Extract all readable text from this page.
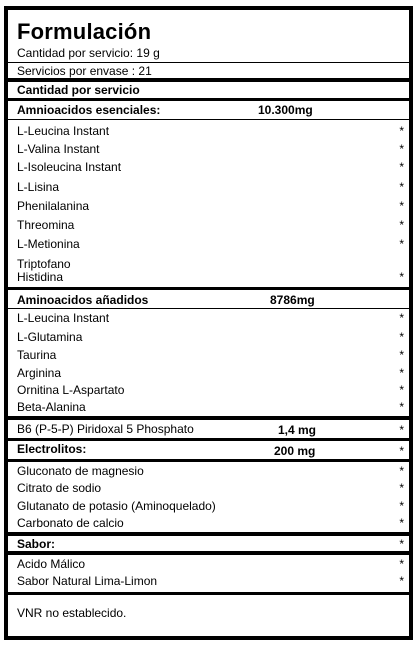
Formulación
Cantidad por servicio: 19 g
Servicios por envase : 21
Cantidad por servicio
Amnioacidos esenciales:	10.300mg
L-Leucina Instant	*
L-Valina Instant	*
L-Isoleucina Instant	*
L-Lisina	*
Phenilalanina	*
Threomina	*
L-Metionina	*
Triptofano
Histidina	*
Aminoacidos añadidos	8786mg
L-Leucina Instant	*
L-Glutamina	*
Taurina	*
Arginina	*
Ornitina L-Aspartato	*
Beta-Alanina	*
B6 (P-5-P) Piridoxal 5 Phosphato	1,4 mg	*
Electrolitos:	200 mg	*
Gluconato de magnesio	*
Citrato de sodio	*
Glutanato de potasio (Aminoquelado)	*
Carbonato de calcio	*
Sabor:	*
Acido Málico	*
Sabor Natural Lima-Limon	*
VNR no establecido.
